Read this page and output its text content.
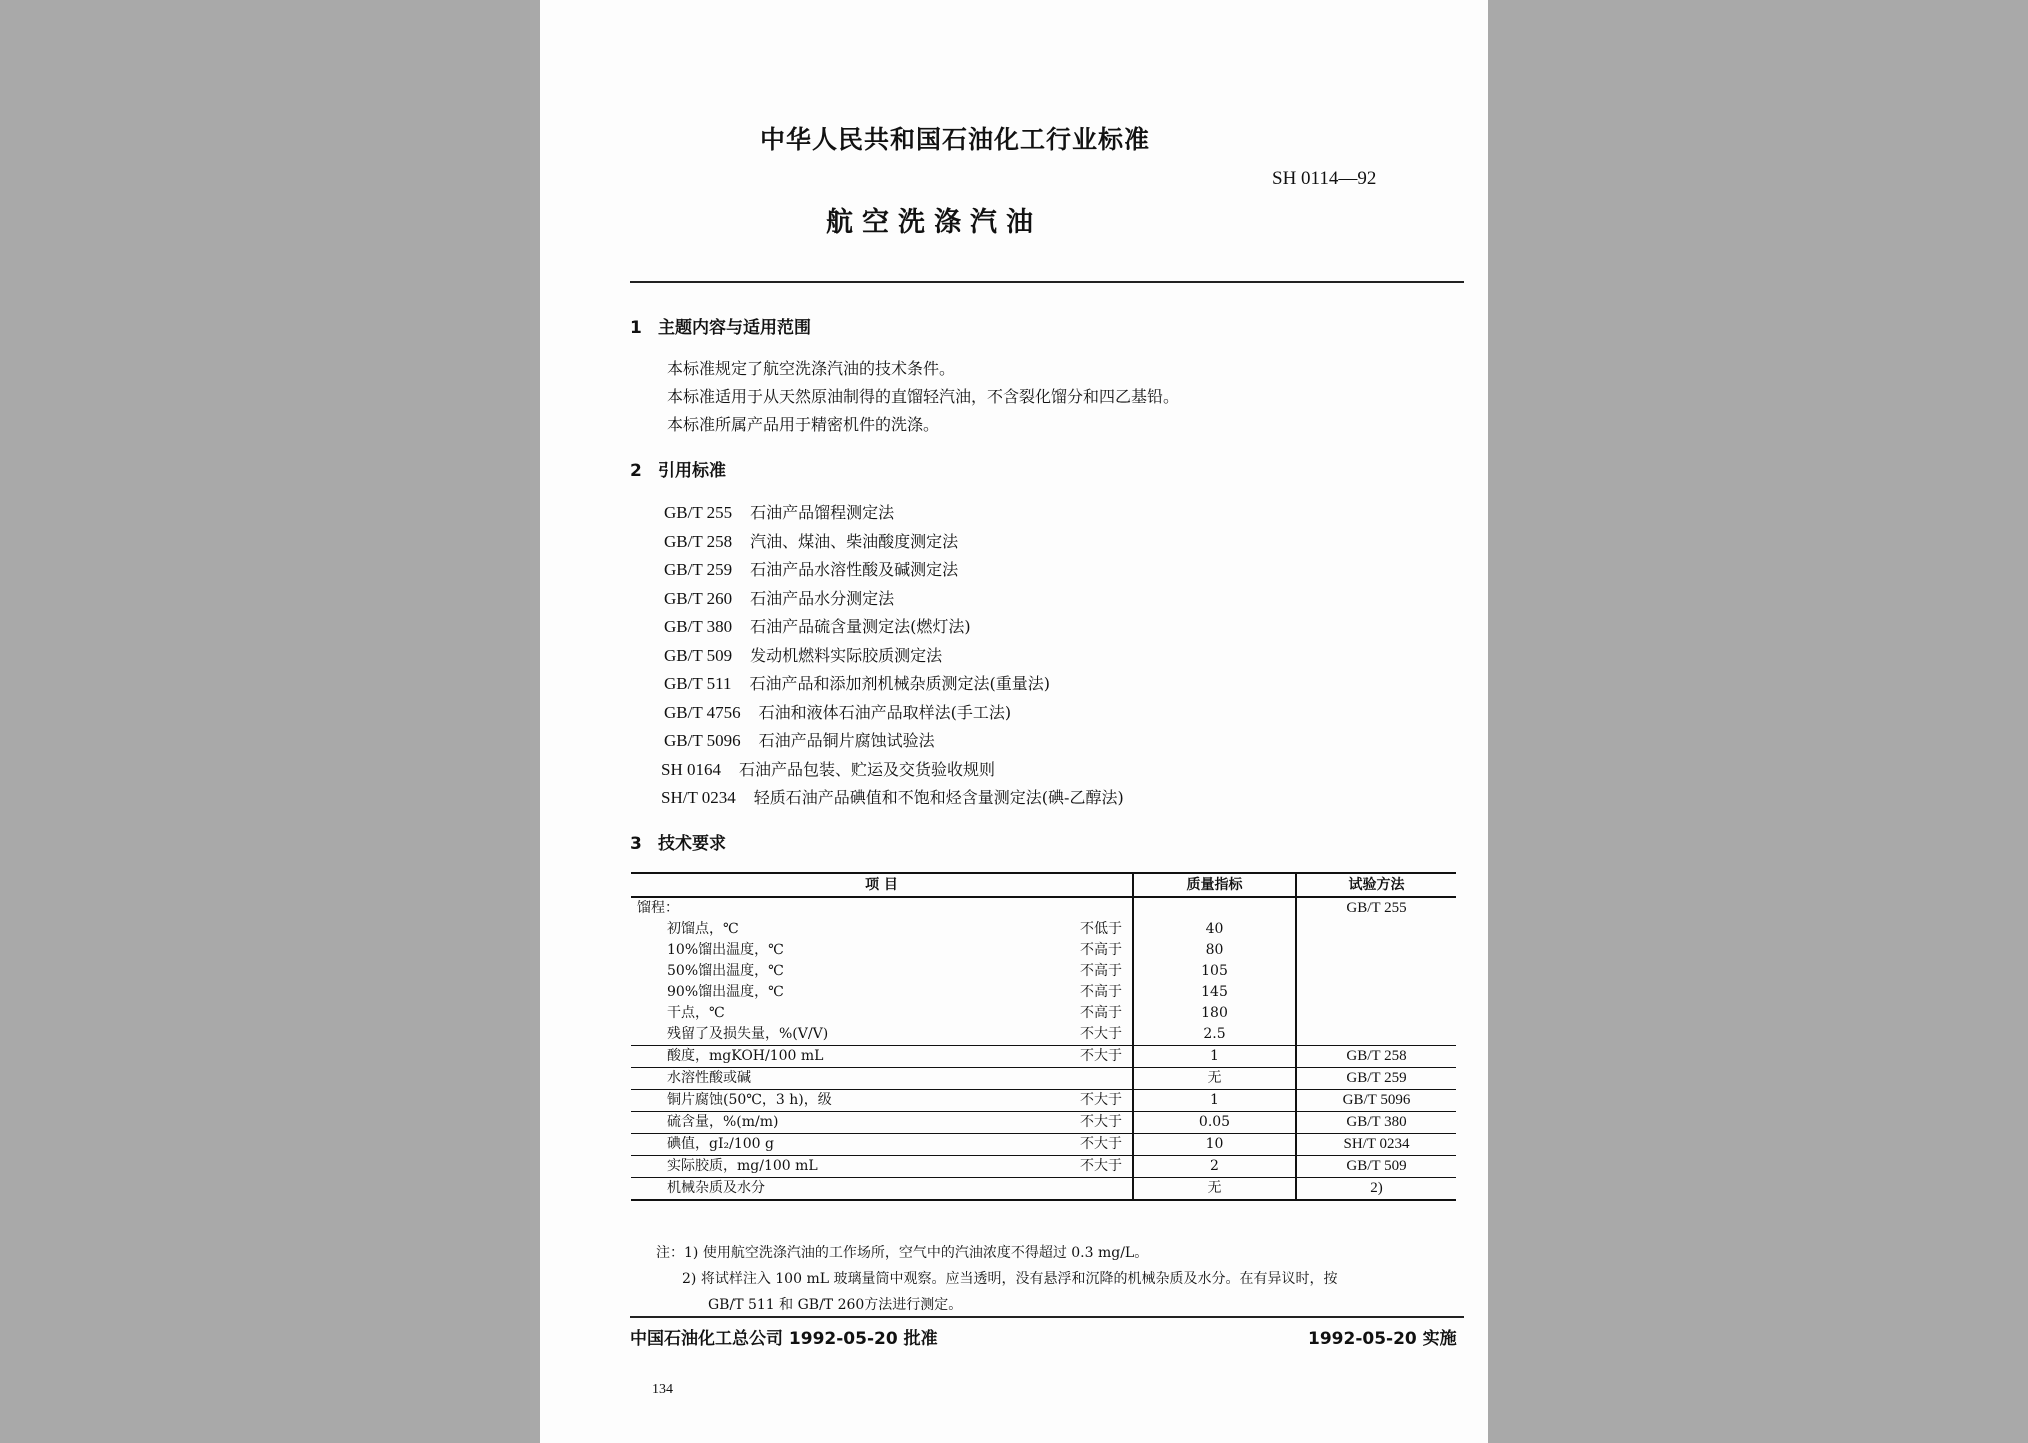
中华人民共和国石油化工行业标准
SH 0114—92
航空洗涤汽油
1 主题内容与适用范围
本标准规定了航空洗涤汽油的技术条件。
本标准适用于从天然原油制得的直馏轻汽油，不含裂化馏分和四乙基铅。
本标准所属产品用于精密机件的洗涤。
2 引用标准
GB/T 255 石油产品馏程测定法
GB/T 258 汽油、煤油、柴油酸度测定法
GB/T 259 石油产品水溶性酸及碱测定法
GB/T 260 石油产品水分测定法
GB/T 380 石油产品硫含量测定法(燃灯法)
GB/T 509 发动机燃料实际胶质测定法
GB/T 511 石油产品和添加剂机械杂质测定法(重量法)
GB/T 4756 石油和液体石油产品取样法(手工法)
GB/T 5096 石油产品铜片腐蚀试验法
SH 0164 石油产品包装、贮运及交货验收规则
SH/T 0234 轻质石油产品碘值和不饱和烃含量测定法(碘-乙醇法)
3 技术要求
项 目	质量指标	试验方法
馏程：		GB/T 255

初馏点，℃ 不低于	40	

10%馏出温度，℃ 不高于	80	

50%馏出温度，℃ 不高于	105	

90%馏出温度，℃ 不高于	145	

干点，℃ 不高于	180	

残留了及损失量，%(V/V) 不大于	2.5	

酸度，mgKOH/100 mL 不大于	1	GB/T 258

水溶性酸或碱	无	GB/T 259

铜片腐蚀(50℃，3 h)，级 不大于	1	GB/T 5096

硫含量，%(m/m) 不大于	0.05	GB/T 380

碘值，gI₂/100 g 不大于	10	SH/T 0234

实际胶质，mg/100 mL 不大于	2	GB/T 509

机械杂质及水分	无	2)
注：1) 使用航空洗涤汽油的工作场所，空气中的汽油浓度不得超过 0.3 mg/L。
2) 将试样注入 100 mL 玻璃量筒中观察。应当透明，没有悬浮和沉降的机械杂质及水分。在有异议时，按
GB/T 511 和 GB/T 260方法进行测定。
中国石油化工总公司 1992-05-20 批准	1992-05-20 实施
134
